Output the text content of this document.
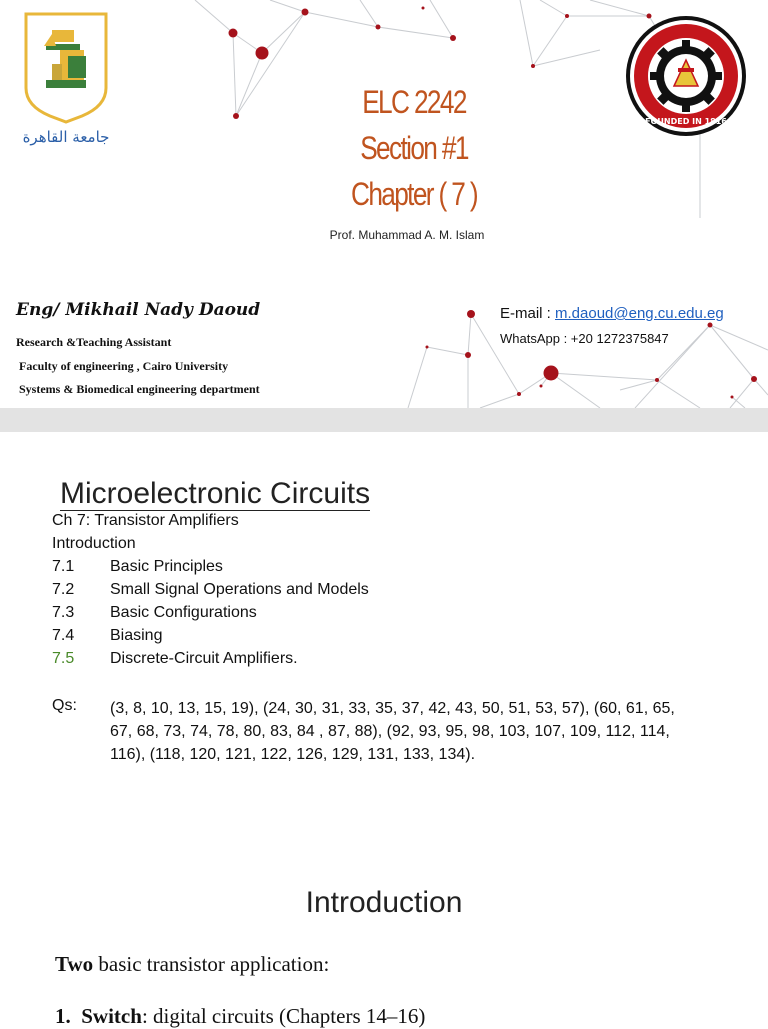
جامعة القاهرة
FOUNDED IN 1816
ELC 2242
Section #1
Chapter ( 7 )
Prof. Muhammad A. M. Islam
Eng/ Mikhail Nady Daoud
Research &Teaching Assistant
Faculty of engineering , Cairo University
Systems & Biomedical engineering department
E-mail : m.daoud@eng.cu.edu.eg
WhatsApp : +20 1272375847
Microelectronic Circuits
Ch 7: Transistor Amplifiers
Introduction
7.1	Basic Principles
7.2	Small Signal Operations and Models
7.3	Basic Configurations
7.4	Biasing
7.5	Discrete-Circuit Amplifiers.
Qs: (3, 8, 10, 13, 15, 19), (24, 30, 31, 33, 35, 37, 42, 43, 50, 51, 53, 57), (60, 61, 65, 67, 68, 73, 74, 78, 80, 83, 84 , 87, 88), (92, 93, 95, 98, 103, 107, 109, 112, 114, 116), (118, 120, 121, 122, 126, 129, 131, 133, 134).
Introduction
Two basic transistor application:
1. Switch: digital circuits (Chapters 14–16)
